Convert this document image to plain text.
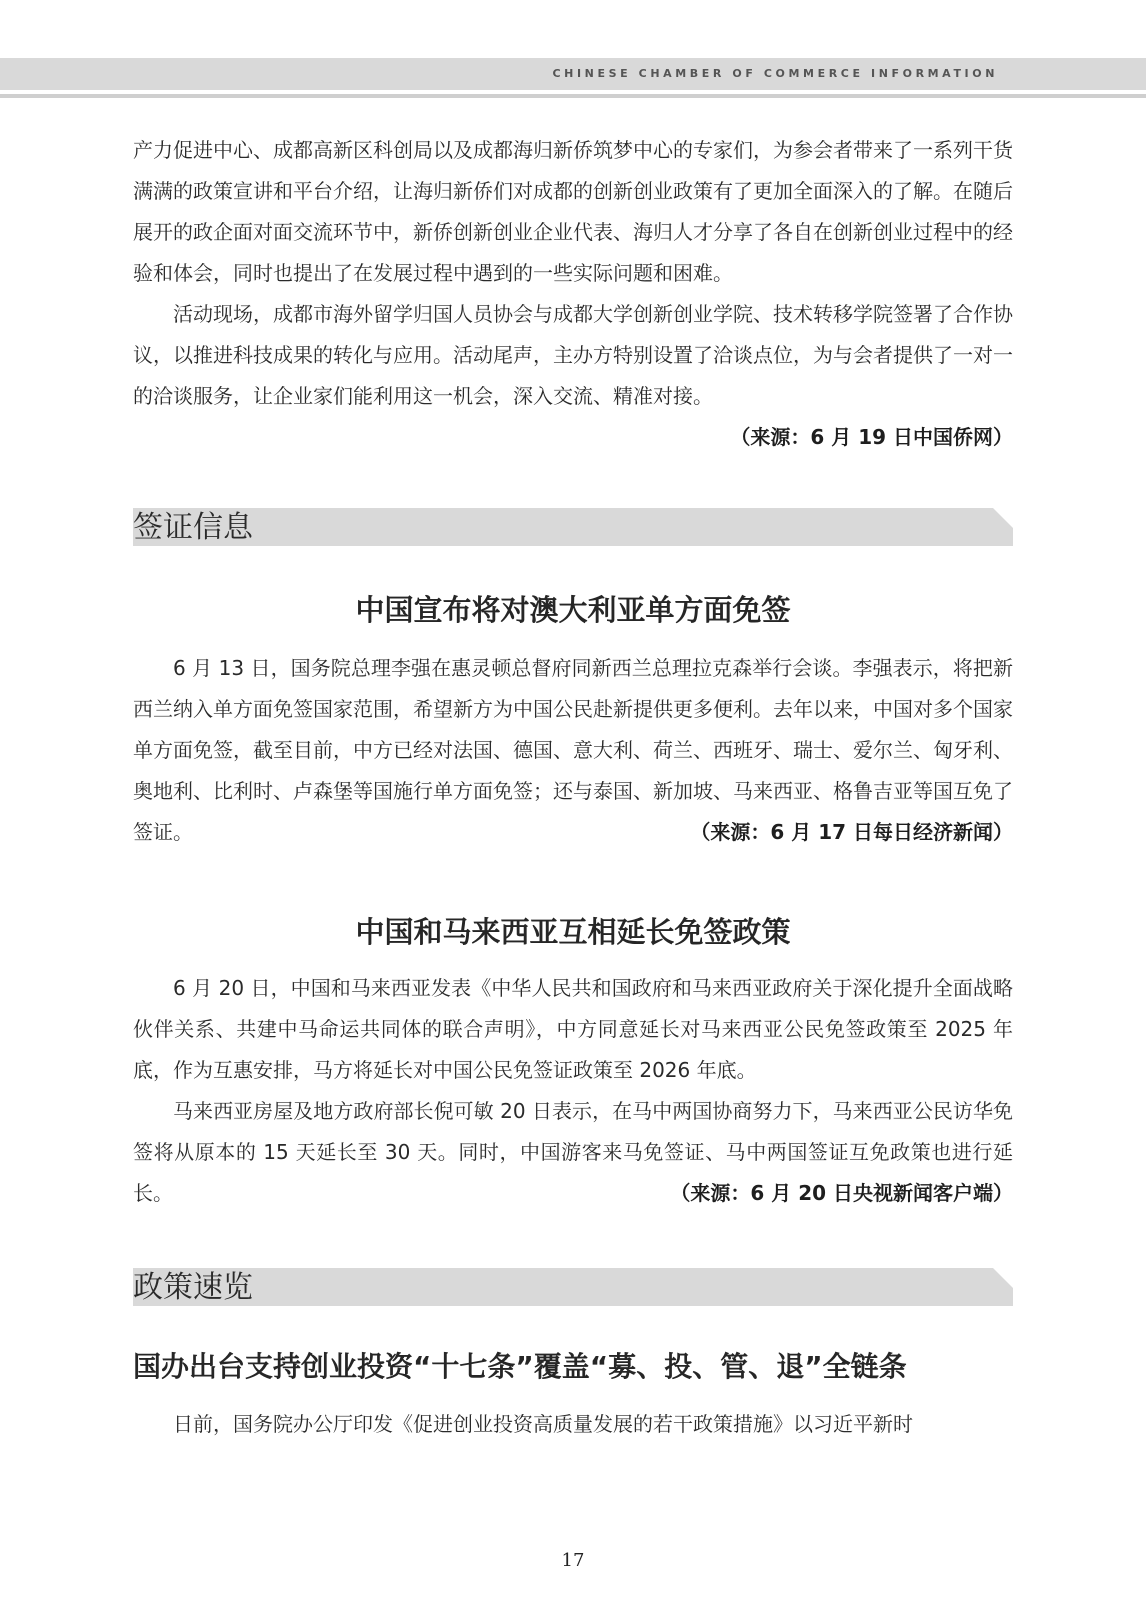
CHINESE CHAMBER OF COMMERCE INFORMATION

产力促进中心、成都高新区科创局以及成都海归新侨筑梦中心的专家们，为参会者带来了一系列干货满满的政策宣讲和平台介绍，让海归新侨们对成都的创新创业政策有了更加全面深入的了解。在随后展开的政企面对面交流环节中，新侨创新创业企业代表、海归人才分享了各自在创新创业过程中的经验和体会，同时也提出了在发展过程中遇到的一些实际问题和困难。

活动现场，成都市海外留学归国人员协会与成都大学创新创业学院、技术转移学院签署了合作协议，以推进科技成果的转化与应用。活动尾声，主办方特别设置了洽谈点位，为与会者提供了一对一的洽谈服务，让企业家们能利用这一机会，深入交流、精准对接。

（来源：6 月 19 日中国侨网）

签证信息
中国宣布将对澳大利亚单方面免签

6 月 13 日，国务院总理李强在惠灵顿总督府同新西兰总理拉克森举行会谈。李强表示，将把新西兰纳入单方面免签国家范围，希望新方为中国公民赴新提供更多便利。去年以来，中国对多个国家单方面免签，截至目前，中方已经对法国、德国、意大利、荷兰、西班牙、瑞士、爱尔兰、匈牙利、奥地利、比利时、卢森堡等国施行单方面免签；还与泰国、新加坡、马来西亚、格鲁吉亚等国互免了签证。	（来源：6 月 17 日每日经济新闻）

中国和马来西亚互相延长免签政策

6 月 20 日，中国和马来西亚发表《中华人民共和国政府和马来西亚政府关于深化提升全面战略伙伴关系、共建中马命运共同体的联合声明》，中方同意延长对马来西亚公民免签政策至 2025 年底，作为互惠安排，马方将延长对中国公民免签证政策至 2026 年底。

马来西亚房屋及地方政府部长倪可敏 20 日表示，在马中两国协商努力下，马来西亚公民访华免签将从原本的 15 天延长至 30 天。同时，中国游客来马免签证、马中两国签证互免政策也进行延长。	（来源：6 月 20 日央视新闻客户端）

政策速览
国办出台支持创业投资“十七条”覆盖“募、投、管、退”全链条

日前，国务院办公厅印发《促进创业投资高质量发展的若干政策措施》以习近平新时

17
